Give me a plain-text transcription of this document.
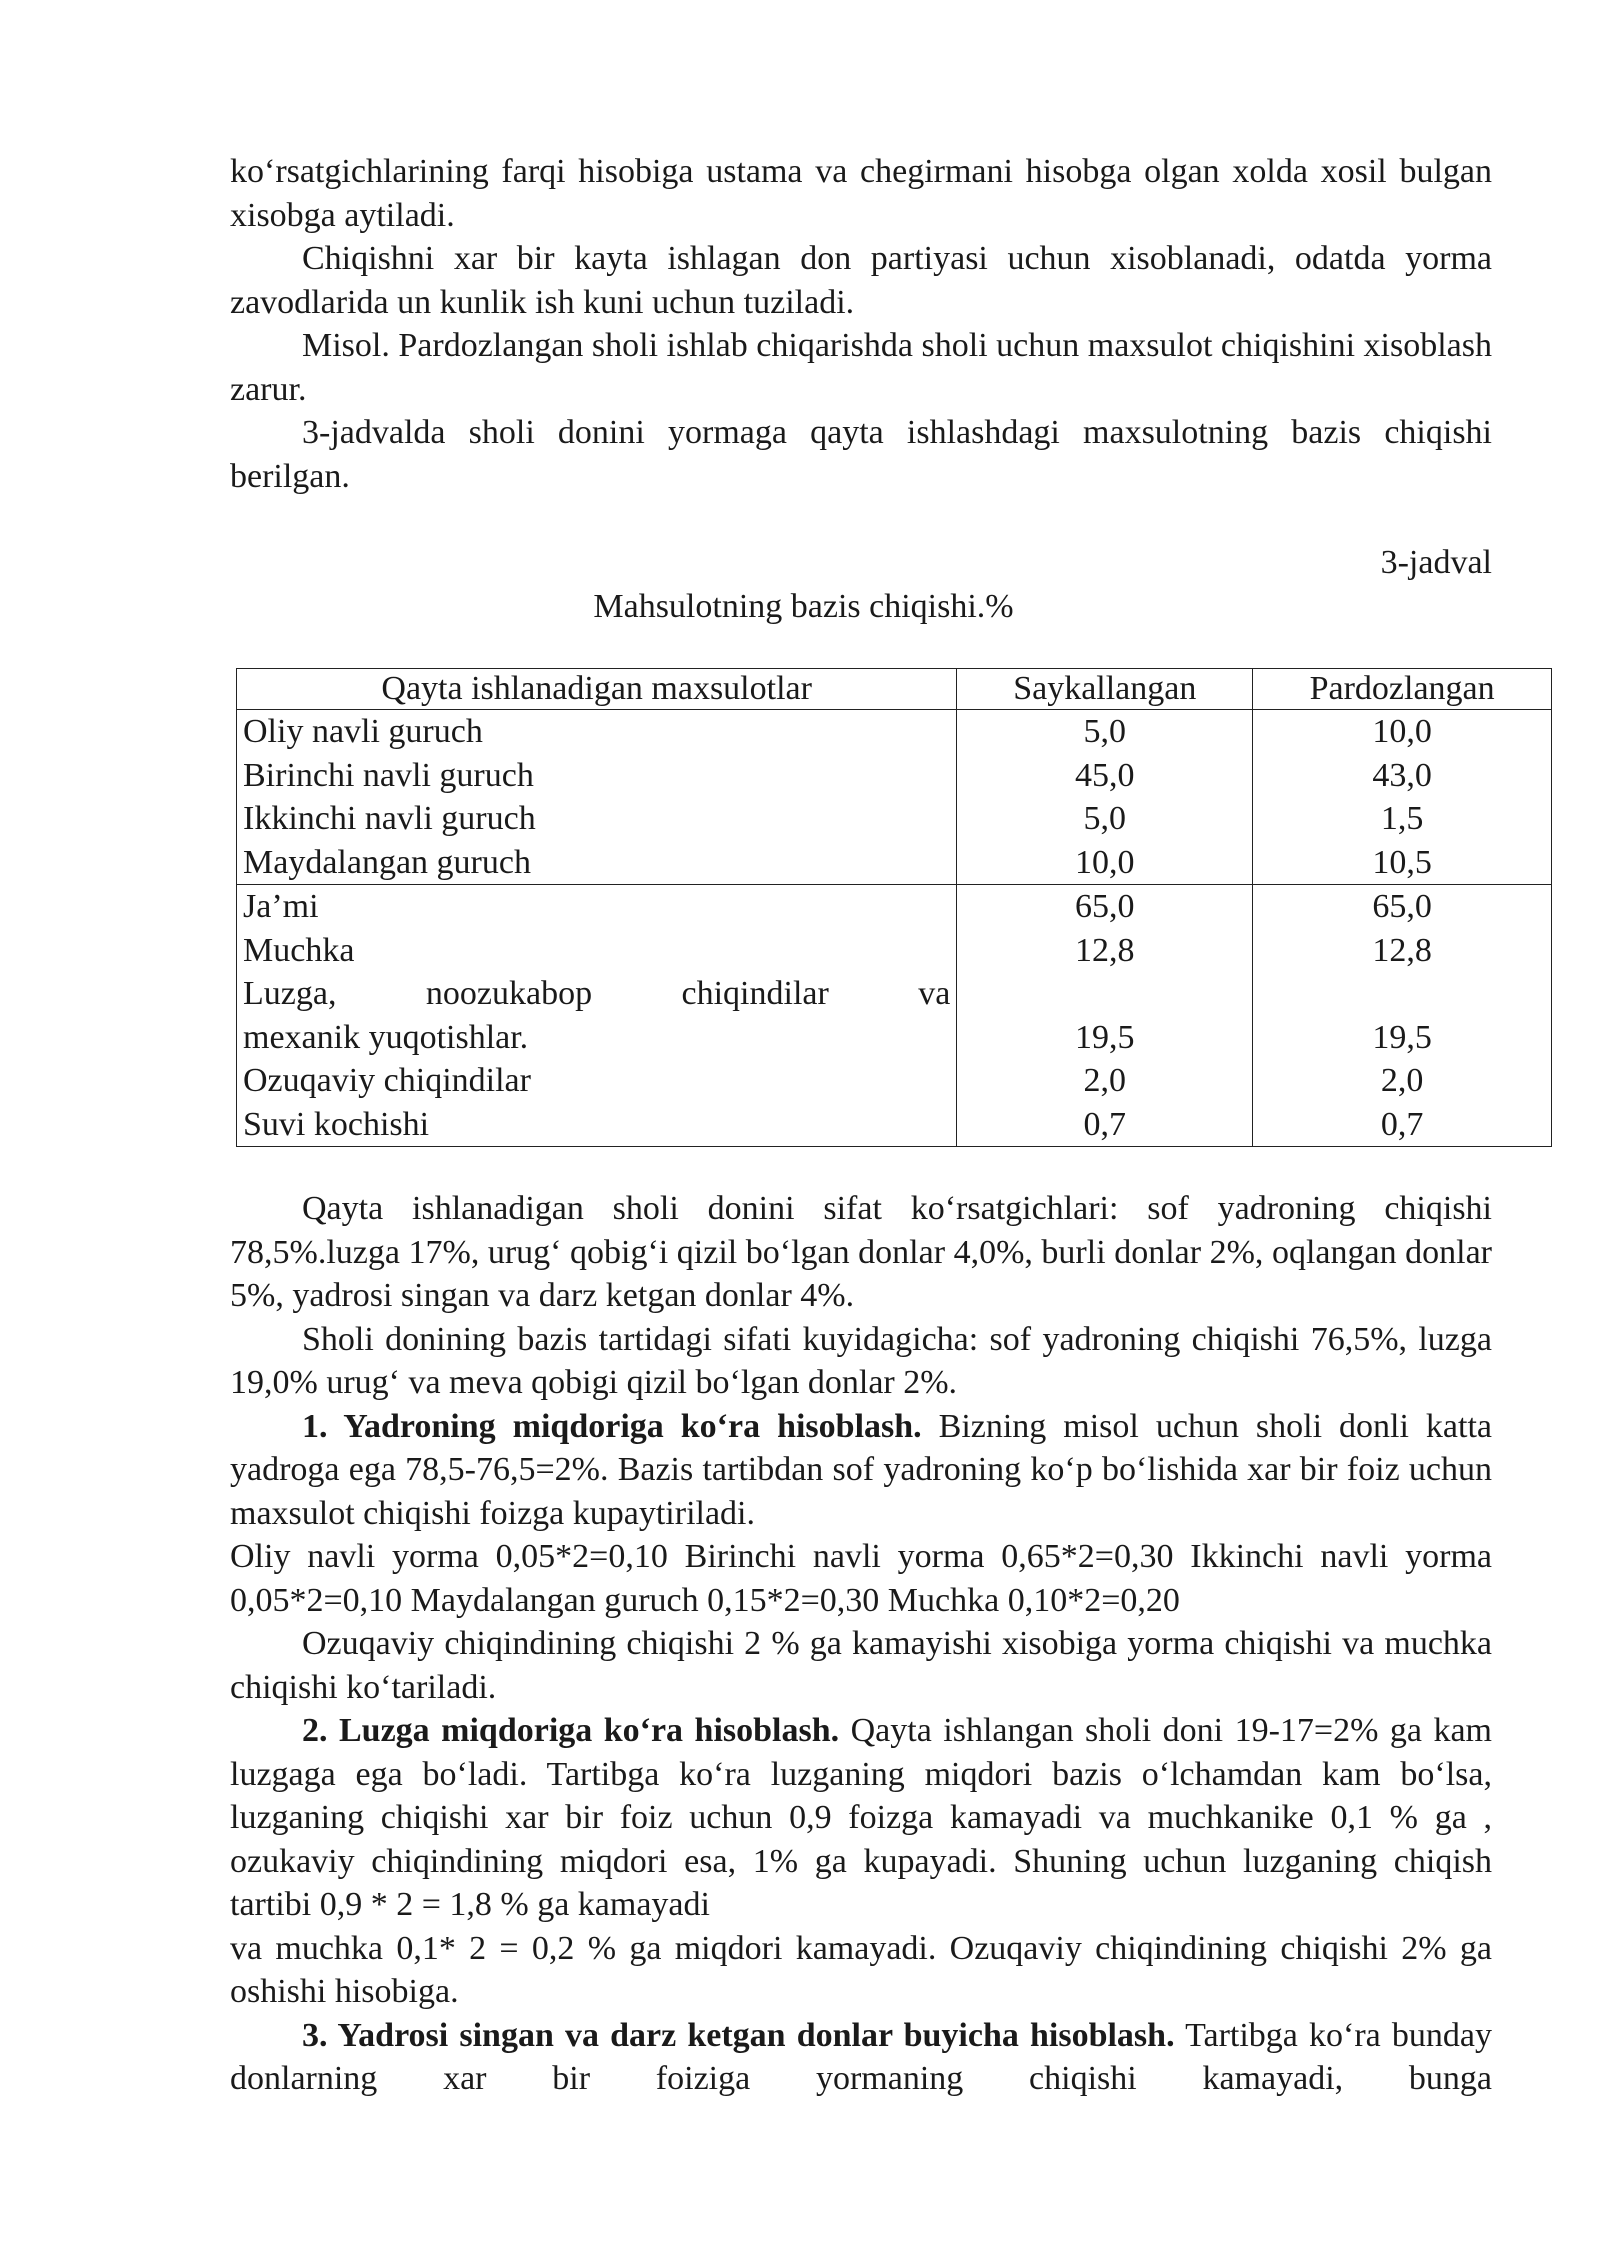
ko‘rsatgichlarining farqi hisobiga ustama va chegirmani hisobga olgan xolda xosil bulgan xisobga aytiladi.

Chiqishni xar bir kayta ishlagan don partiyasi uchun xisoblanadi, odatda yorma zavodlarida un kunlik ish kuni uchun tuziladi.

Misol. Pardozlangan sholi ishlab chiqarishda sholi uchun maxsulot chiqishini xisoblash zarur.

3-jadvalda sholi donini yormaga qayta ishlashdagi maxsulotning bazis chiqishi berilgan.

3-jadval
Mahsulotning bazis chiqishi.%
Qayta ishlanadigan maxsulotlar	Saykallangan	Pardozlangan
Oliy navli guruch	5,0	10,0
Birinchi navli guruch	45,0	43,0
Ikkinchi navli guruch	5,0	1,5
Maydalangan guruch	10,0	10,5
Ja’mi	65,0	65,0
Muchka	12,8	12,8

Luzga, noozukabop chiqindilar va
mexanik yuqotishlar.	19,5	19,5
Ozuqaviy chiqindilar	2,0	2,0
Suvi kochishi	0,7	0,7

Qayta ishlanadigan sholi donini sifat ko‘rsatgichlari: sof yadroning chiqishi 78,5%.luzga 17%, urug‘ qobig‘i qizil bo‘lgan donlar 4,0%, burli donlar 2%, oqlangan donlar 5%, yadrosi singan va darz ketgan donlar 4%.

Sholi donining bazis tartidagi sifati kuyidagicha: sof yadroning chiqishi 76,5%, luzga 19,0% urug‘ va meva qobigi qizil bo‘lgan donlar 2%.

1. Yadroning miqdoriga ko‘ra hisoblash. Bizning misol uchun sholi donli katta yadroga ega 78,5-76,5=2%. Bazis tartibdan sof yadroning ko‘p bo‘lishida xar bir foiz uchun maxsulot chiqishi foizga kupaytiriladi.

Oliy navli yorma 0,05*2=0,10 Birinchi navli yorma 0,65*2=0,30 Ikkinchi navli yorma 0,05*2=0,10 Maydalangan guruch 0,15*2=0,30 Muchka 0,10*2=0,20

Ozuqaviy chiqindining chiqishi 2 % ga kamayishi xisobiga yorma chiqishi va muchka chiqishi ko‘tariladi.

2. Luzga miqdoriga ko‘ra hisoblash. Qayta ishlangan sholi doni 19-17=2% ga kam luzgaga ega bo‘ladi. Tartibga ko‘ra luzganing miqdori bazis o‘lchamdan kam bo‘lsa, luzganing chiqishi xar bir foiz uchun 0,9 foizga kamayadi va muchkanike 0,1 % ga , ozukaviy chiqindining miqdori esa, 1% ga kupayadi. Shuning uchun luzganing chiqish tartibi 0,9 * 2 = 1,8 % ga kamayadi

va muchka 0,1* 2 = 0,2 % ga miqdori kamayadi. Ozuqaviy chiqindining chiqishi 2% ga oshishi hisobiga.

3. Yadrosi singan va darz ketgan donlar buyicha hisoblash. Tartibga ko‘ra bunday donlarning xar bir foiziga yormaning chiqishi kamayadi, bunga
